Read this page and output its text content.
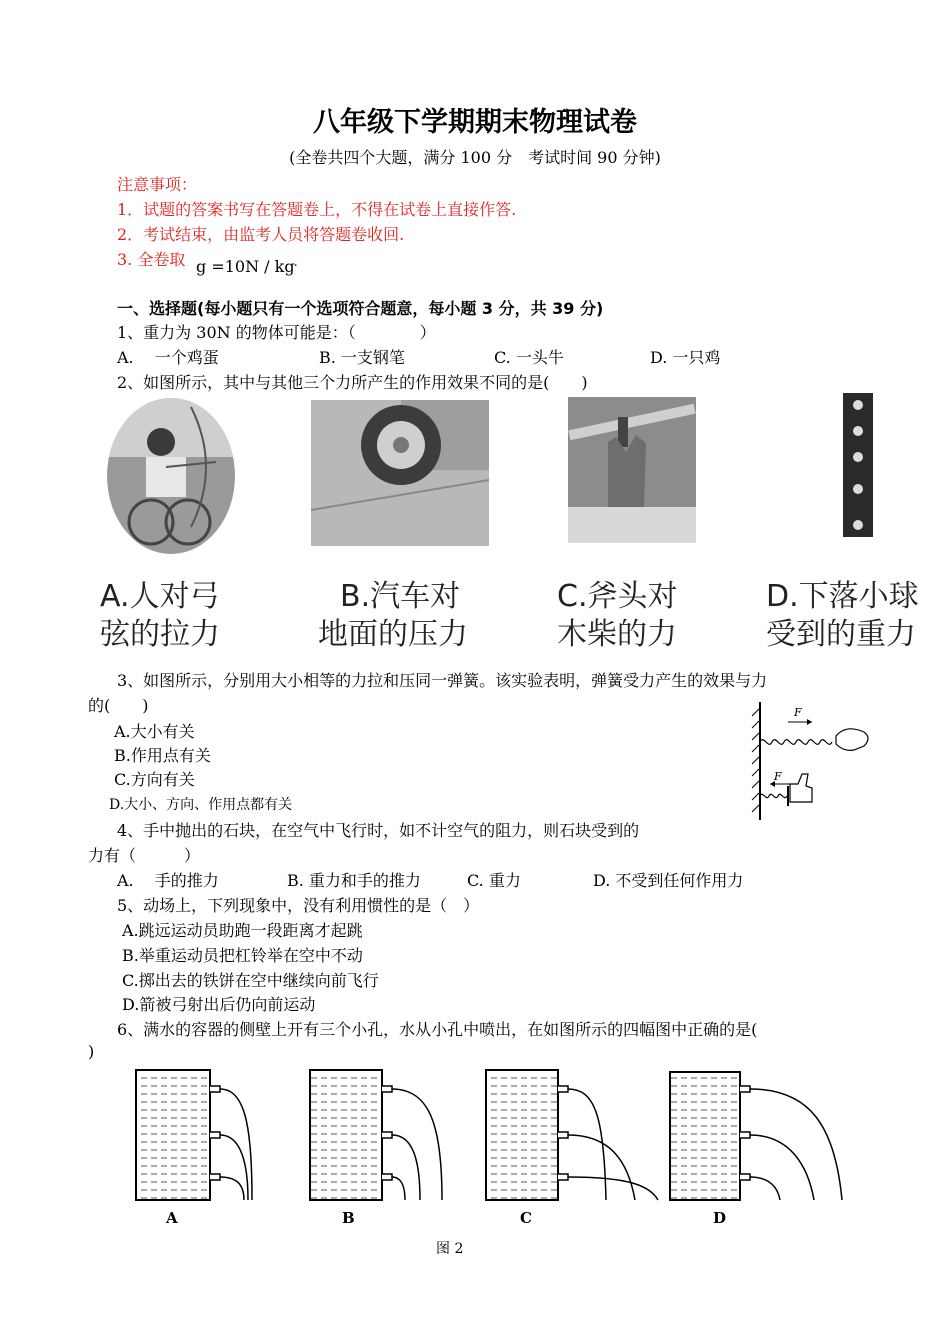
八年级下学期期末物理试卷
(全卷共四个大题，满分 100 分　考试时间 90 分钟)
注意事项：
1．试题的答案书写在答题卷上，不得在试卷上直接作答.
2．考试结束，由监考人员将答题卷收回.
3. 全卷取 g =10N / kg
.
一、选择题(每小题只有一个选项符合题意，每小题 3 分，共 39 分)
1、重力为 30N 的物体可能是：（　　　　）
A.　 一个鸡蛋	B. 一支钢笔	C. 一头牛	D. 一只鸡
2、如图所示，其中与其他三个力所产生的作用效果不同的是(　　)
A.人对弓
弦的拉力
B.汽车对
地面的压力
C.斧头对
木柴的力
D.下落小球
受到的重力
3、如图所示，分别用大小相等的力拉和压同一弹簧。该实验表明，弹簧受力产生的效果与力
的(　　)
A.大小有关
B.作用点有关
C.方向有关
D.大小、方向、作用点都有关
F
F
4、手中抛出的石块，在空气中飞行时，如不计空气的阻力，则石块受到的
力有（　　　）
A.　 手的推力	B. 重力和手的推力	C. 重力	D. 不受到任何作用力
5、动场上，下列现象中，没有利用惯性的是（　）
A.跳远运动员助跑一段距离才起跳
B.举重运动员把杠铃举在空中不动
C.掷出去的铁饼在空中继续向前飞行
D.箭被弓射出后仍向前运动
6、满水的容器的侧壁上开有三个小孔，水从小孔中喷出，在如图所示的四幅图中正确的是(
)
A	B	C	D
图 2
